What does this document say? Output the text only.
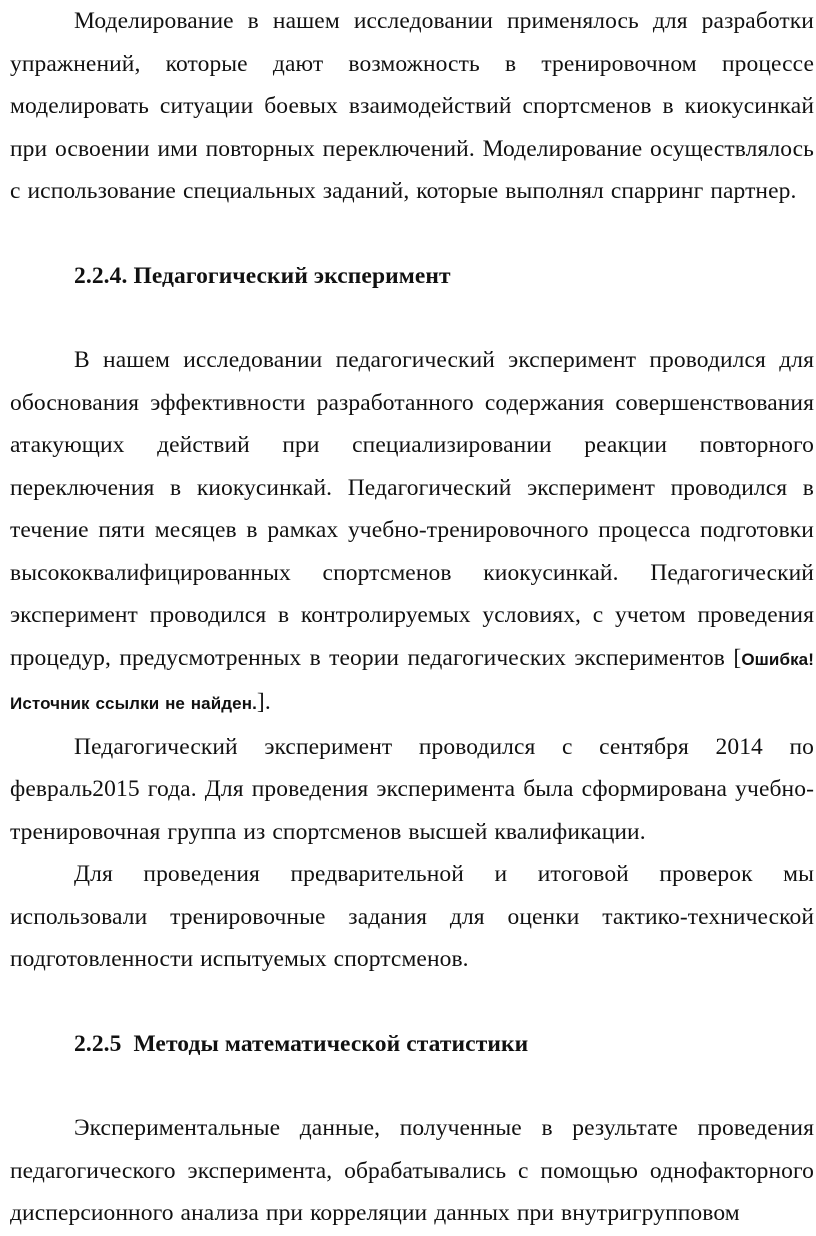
Моделирование в нашем исследовании применялось для разработки упражнений, которые дают возможность в тренировочном процессе моделировать ситуации боевых взаимодействий спортсменов в киокусинкай при освоении ими повторных переключений. Моделирование осуществлялось с использование специальных заданий, которые выполнял спарринг партнер.

2.2.4. Педагогический эксперимент

В нашем исследовании педагогический эксперимент проводился для обоснования эффективности разработанного содержания совершенствования атакующих действий при специализировании реакции повторного переключения в киокусинкай. Педагогический эксперимент проводился в течение пяти месяцев в рамках учебно-тренировочного процесса подготовки высококвалифицированных спортсменов киокусинкай. Педагогический эксперимент проводился в контролируемых условиях, с учетом проведения процедур, предусмотренных в теории педагогических экспериментов [Ошибка! Источник ссылки не найден.].

Педагогический эксперимент проводился с сентября 2014 по февраль2015 года. Для проведения эксперимента была сформирована учебно-тренировочная группа из спортсменов высшей квалификации.

Для проведения предварительной и итоговой проверок мы использовали тренировочные задания для оценки тактико-технической подготовленности испытуемых спортсменов.

2.2.5  Методы математической статистики

Экспериментальные данные, полученные в результате проведения педагогического эксперимента, обрабатывались с помощью однофакторного дисперсионного анализа при корреляции данных при внутригрупповом
